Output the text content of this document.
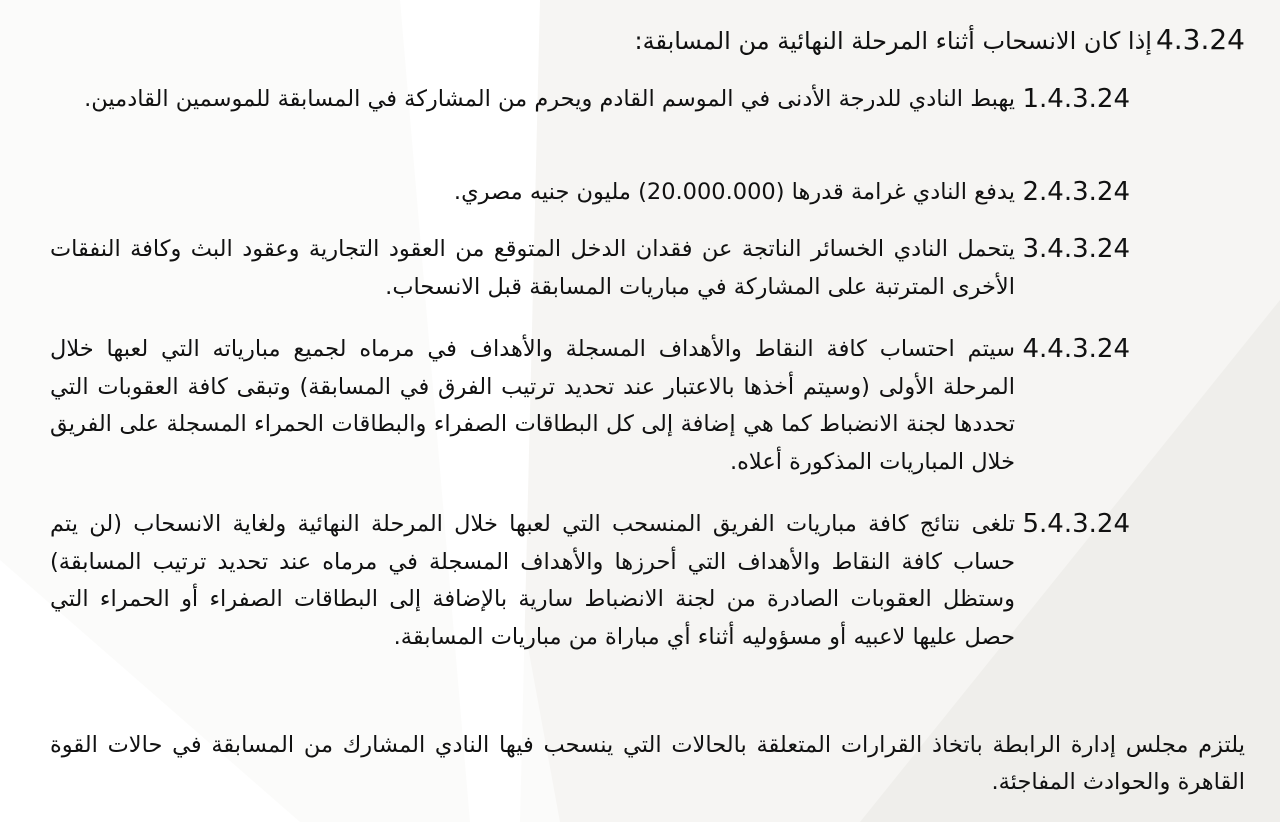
4.3.24إذا كان الانسحاب أثناء المرحلة النهائية من المسابقة:
1.4.3.24
يهبط النادي للدرجة الأدنى في الموسم القادم ويحرم من المشاركة في المسابقة للموسمين القادمين.
2.4.3.24
يدفع النادي غرامة قدرها (20.000.000) مليون جنيه مصري.
3.4.3.24
يتحمل النادي الخسائر الناتجة عن فقدان الدخل المتوقع من العقود التجارية وعقود البث وكافة النفقات الأخرى المترتبة على المشاركة في مباريات المسابقة قبل الانسحاب.
4.4.3.24
سيتم احتساب كافة النقاط والأهداف المسجلة والأهداف في مرماه لجميع مبارياته التي لعبها خلال المرحلة الأولى (وسيتم أخذها بالاعتبار عند تحديد ترتيب الفرق في المسابقة) وتبقى كافة العقوبات التي تحددها لجنة الانضباط كما هي إضافة إلى كل البطاقات الصفراء والبطاقات الحمراء المسجلة على الفريق خلال المباريات المذكورة أعلاه.
5.4.3.24
تلغى نتائج كافة مباريات الفريق المنسحب التي لعبها خلال المرحلة النهائية ولغاية الانسحاب (لن يتم حساب كافة النقاط والأهداف التي أحرزها والأهداف المسجلة في مرماه عند تحديد ترتيب المسابقة) وستظل العقوبات الصادرة من لجنة الانضباط سارية بالإضافة إلى البطاقات الصفراء أو الحمراء التي حصل عليها لاعبيه أو مسؤوليه أثناء أي مباراة من مباريات المسابقة.
يلتزم مجلس إدارة الرابطة باتخاذ القرارات المتعلقة بالحالات التي ينسحب فيها النادي المشارك من المسابقة في حالات القوة القاهرة والحوادث المفاجئة.
